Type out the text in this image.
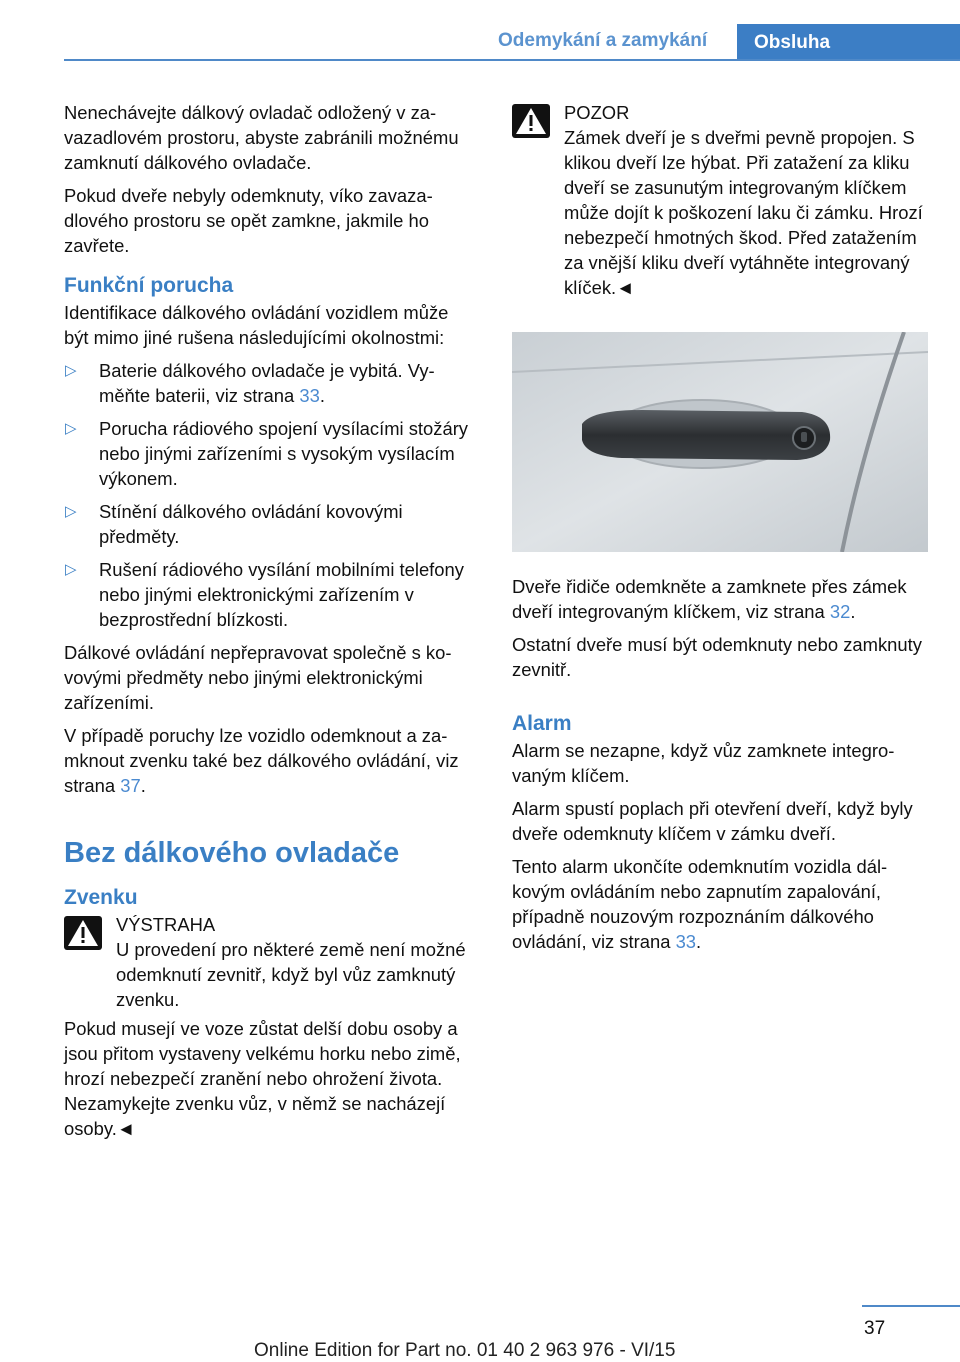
Odemykání a zamykání	Obsluha

Nenechávejte dálkový ovladač odložený v zavazadlovém prostoru, abyste zabránili možnému zamknutí dálkového ovladače.

Pokud dveře nebyly odemknuty, víko zavazadlového prostoru se opět zamkne, jakmile ho zavřete.

Funkční porucha

Identifikace dálkového ovládání vozidlem může být mimo jiné rušena následujícími okolnostmi:

▷ Baterie dálkového ovladače je vybitá. Vyměňte baterii, viz strana 33.
▷ Porucha rádiového spojení vysílacími stožáry nebo jinými zařízeními s vysokým vysílacím výkonem.
▷ Stínění dálkového ovládání kovovými předměty.
▷ Rušení rádiového vysílání mobilními telefony nebo jinými elektronickými zařízením v bezprostřední blízkosti.

Dálkové ovládání nepřepravovat společně s kovovými předměty nebo jinými elektronickými zařízeními.

V případě poruchy lze vozidlo odemknout a zamknout zvenku také bez dálkového ovládání, viz strana 37.

Bez dálkového ovladače
Zvenku
VÝSTRAHA
U provedení pro některé země není možné odemknutí zevnitř, když byl vůz zamknutý zvenku.

Pokud musejí ve voze zůstat delší dobu osoby a jsou přitom vystaveny velkému horku nebo zimě, hrozí nebezpečí zranění nebo ohrožení života. Nezamykejte zvenku vůz, v němž se nacházejí osoby.◄

POZOR
Zámek dveří je s dveřmi pevně propojen. S klikou dveří lze hýbat. Při zatažení za kliku dveří se zasunutým integrovaným klíčkem může dojít k poškození laku či zámku. Hrozí nebezpečí hmotných škod. Před zatažením za vnější kliku dveří vytáhněte integrovaný klíček.◄

Dveře řidiče odemkněte a zamknete přes zámek dveří integrovaným klíčkem, viz strana 32.

Ostatní dveře musí být odemknuty nebo zamknuty zevnitř.

Alarm

Alarm se nezapne, když vůz zamknete integrovaným klíčem.

Alarm spustí poplach při otevření dveří, když byly dveře odemknuty klíčem v zámku dveří.

Tento alarm ukončíte odemknutím vozidla dálkovým ovládáním nebo zapnutím zapalování, případně nouzovým rozpoznáním dálkového ovládání, viz strana 33.

37
Online Edition for Part no. 01 40 2 963 976 - VI/15
